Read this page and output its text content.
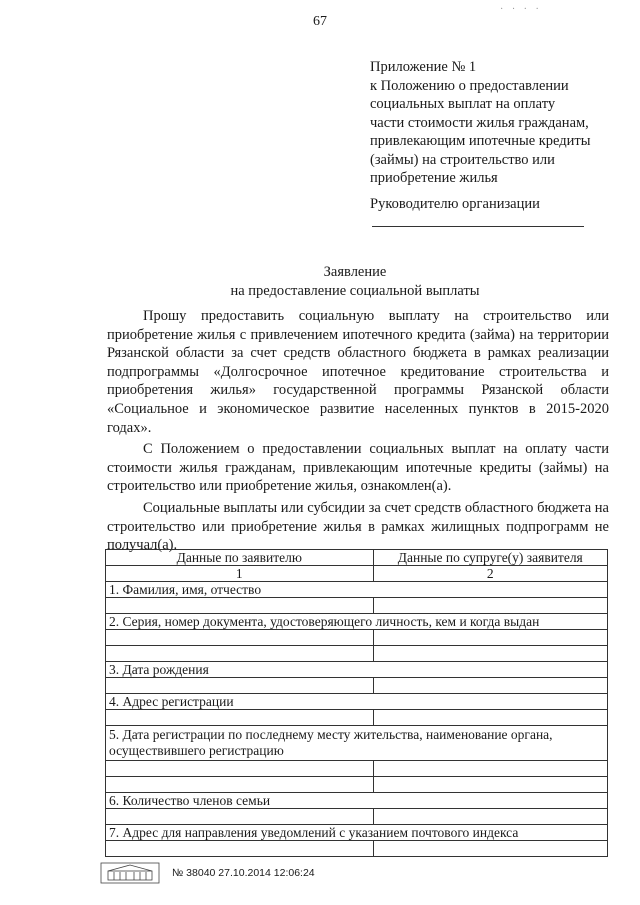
67
· · · ·
Приложение № 1
к Положению о предоставлении
социальных выплат на оплату
части стоимости жилья гражданам,
привлекающим ипотечные кредиты
(займы) на строительство или
приобретение жилья
Руководителю организации
Заявление
на предоставление социальной выплаты

Прошу предоставить социальную выплату на строительство или приобретение жилья с привлечением ипотечного кредита (займа) на территории Рязанской области за счет средств областного бюджета в рамках реализации подпрограммы «Долгосрочное ипотечное кредитование строительства и приобретения жилья» государственной программы Рязанской области «Социальное и экономическое развитие населенных пунктов в 2015-2020 годах».

С Положением о предоставлении социальных выплат на оплату части стоимости жилья гражданам, привлекающим ипотечные кредиты (займы) на строительство или приобретение жилья, ознакомлен(а).

Социальные выплаты или субсидии за счет средств областного бюджета на строительство или приобретение жилья в рамках жилищных подпрограмм не получал(а).

Данные по заявителю	Данные по супруге(у) заявителя
1	2
1. Фамилия, имя, отчество	

2. Серия, номер документа, удостоверяющего личность, кем и когда выдан	

3. Дата рождения	

4. Адрес регистрации	

5. Дата регистрации по последнему месту жительства, наименование органа, осуществившего регистрацию	

6. Количество членов семьи	

7. Адрес для направления уведомлений с указанием почтового индекса	

№ 38040 27.10.2014 12:06:24
